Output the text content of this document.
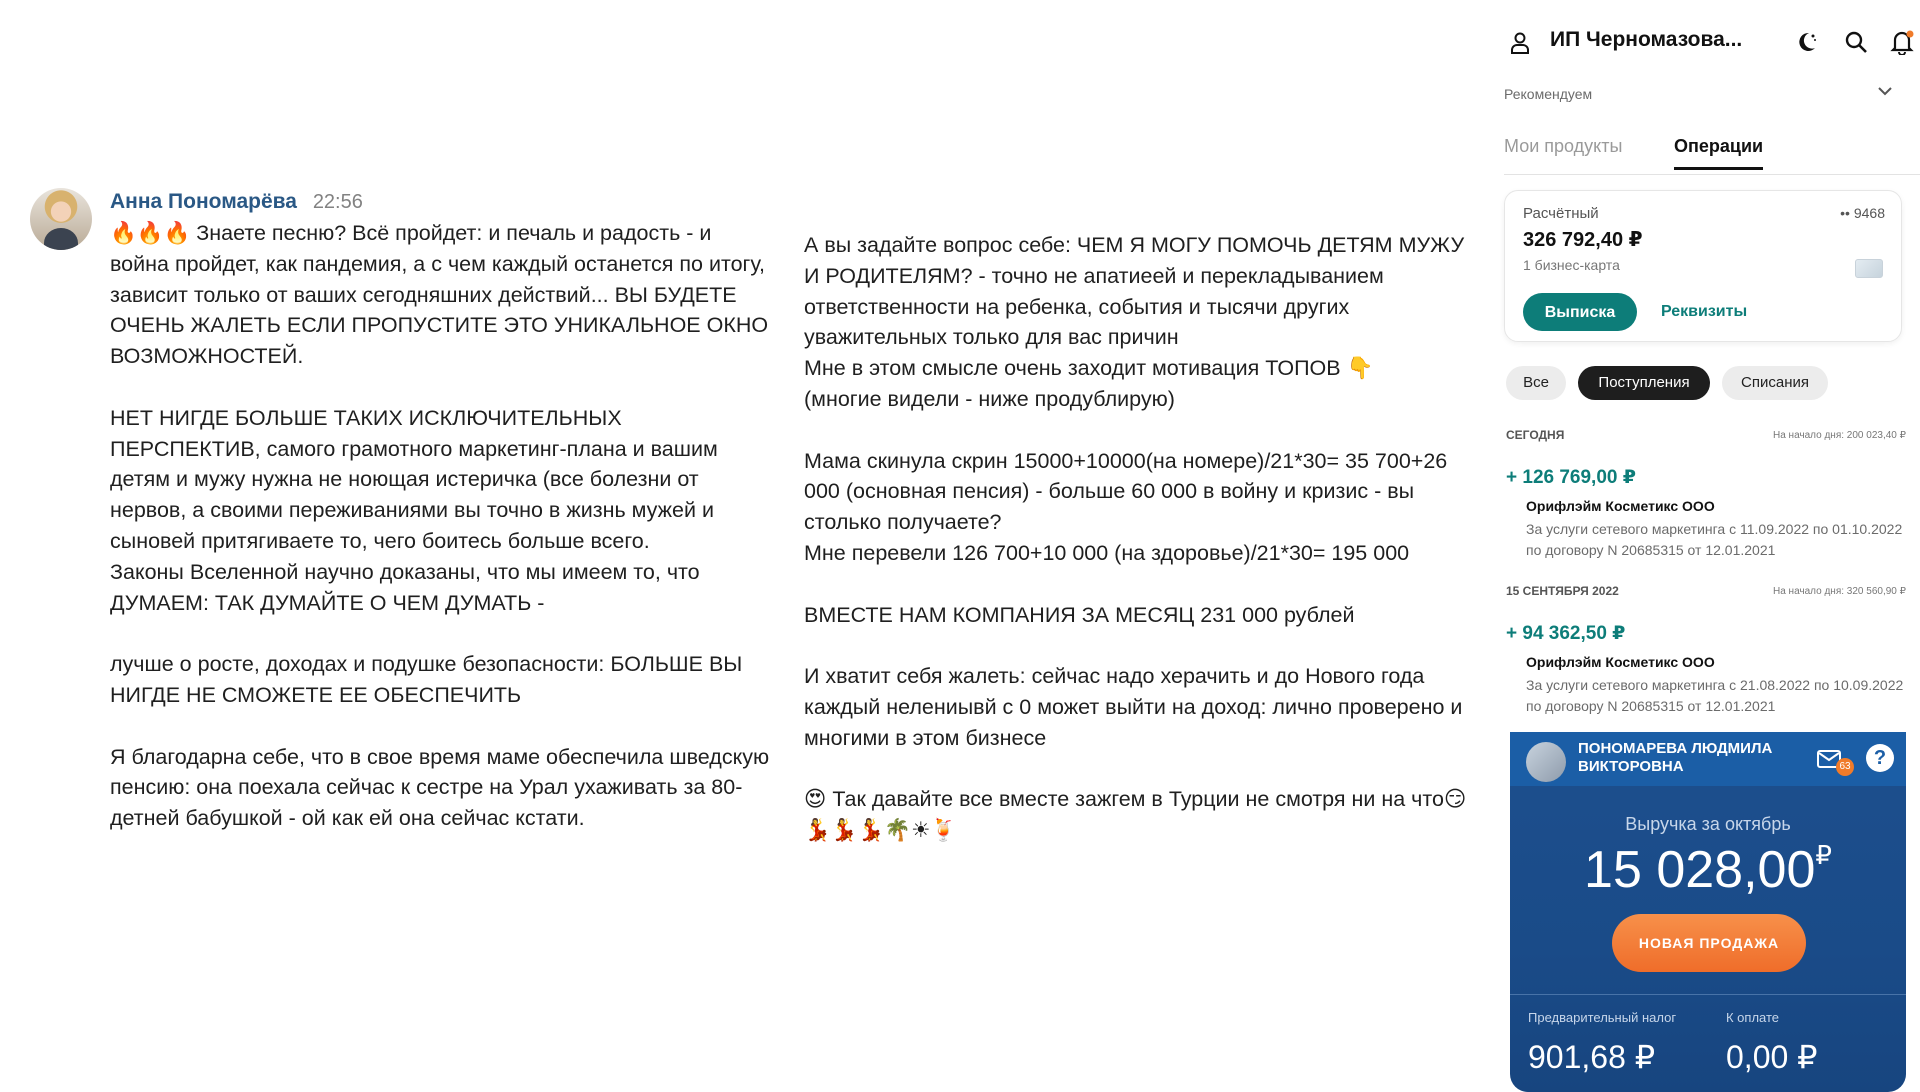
Анна Пономарёва 22:56

🔥🔥🔥 Знаете песню? Всё пройдет: и печаль и радость - и война пройдет, как пандемия, а с чем каждый останется по итогу, зависит только от ваших сегодняшних действий... ВЫ БУДЕТЕ ОЧЕНЬ ЖАЛЕТЬ ЕСЛИ ПРОПУСТИТЕ ЭТО УНИКАЛЬНОЕ ОКНО ВОЗМОЖНОСТЕЙ.

НЕТ НИГДЕ БОЛЬШЕ ТАКИХ ИСКЛЮЧИТЕЛЬНЫХ ПЕРСПЕКТИВ, самого грамотного маркетинг-плана и вашим детям и мужу нужна не ноющая истеричка (все болезни от нервов, а своими переживаниями вы точно в жизнь мужей и сыновей притягиваете то, чего боитесь больше всего.

Законы Вселенной научно доказаны, что мы имеем то, что ДУМАЕМ: ТАК ДУМАЙТЕ О ЧЕМ ДУМАТЬ -

лучше о росте, доходах и подушке безопасности: БОЛЬШЕ ВЫ НИГДЕ НЕ СМОЖЕТЕ ЕЕ ОБЕСПЕЧИТЬ

Я благодарна себе, что в свое время маме обеспечила шведскую пенсию: она поехала сейчас к сестре на Урал ухаживать за 80-детней бабушкой - ой как ей она сейчас кстати.

А вы задайте вопрос себе: ЧЕМ Я МОГУ ПОМОЧЬ ДЕТЯМ МУЖУ И РОДИТЕЛЯМ? - точно не апатиеей и перекладыванием ответственности на ребенка, события и тысячи других уважительных только для вас причин

Мне в этом смысле очень заходит мотивация ТОПОВ 👇

(многие видели - ниже продублирую)

Мама скинула скрин 15000+10000(на номере)/21*30= 35 700+26 000 (основная пенсия) - больше 60 000 в войну и кризис - вы столько получаете?

Мне перевели 126 700+10 000 (на здоровье)/21*30= 195 000

ВМЕСТЕ НАМ КОМПАНИЯ ЗА МЕСЯЦ 231 000 рублей

И хватит себя жалеть: сейчас надо херачить и до Нового года каждый нелениывй с 0 может выйти на доход: лично проверено и многими в этом бизнесе

😍 Так давайте все вместе зажгем в Турции не смотря ни на что😏💃💃💃🌴☀🍹

ИП Черномазова...
Рекомендуем
Мои продукты	Операции
Расчётный	•• 9468
326 792,40 ₽
1 бизнес-карта
Выписка	Реквизиты
Все	Поступления	Списания
СЕГОДНЯ	На начало дня: 200 023,40 ₽
+ 126 769,00 ₽
Орифлэйм Косметикс ООО
За услуги сетевого маркетинга с 11.09.2022 по 01.10.2022 по договору N 20685315 от 12.01.2021
15 СЕНТЯБРЯ 2022	На начало дня: 320 560,90 ₽
+ 94 362,50 ₽
Орифлэйм Косметикс ООО
За услуги сетевого маркетинга с 21.08.2022 по 10.09.2022 по договору N 20685315 от 12.01.2021
ПОНОМАРЕВА ЛЮДМИЛА ВИКТОРОВНА	63	?
Выручка за октябрь
15 028,00₽
НОВАЯ ПРОДАЖА
Предварительный налог	К оплате
901,68 ₽ 0,00 ₽
